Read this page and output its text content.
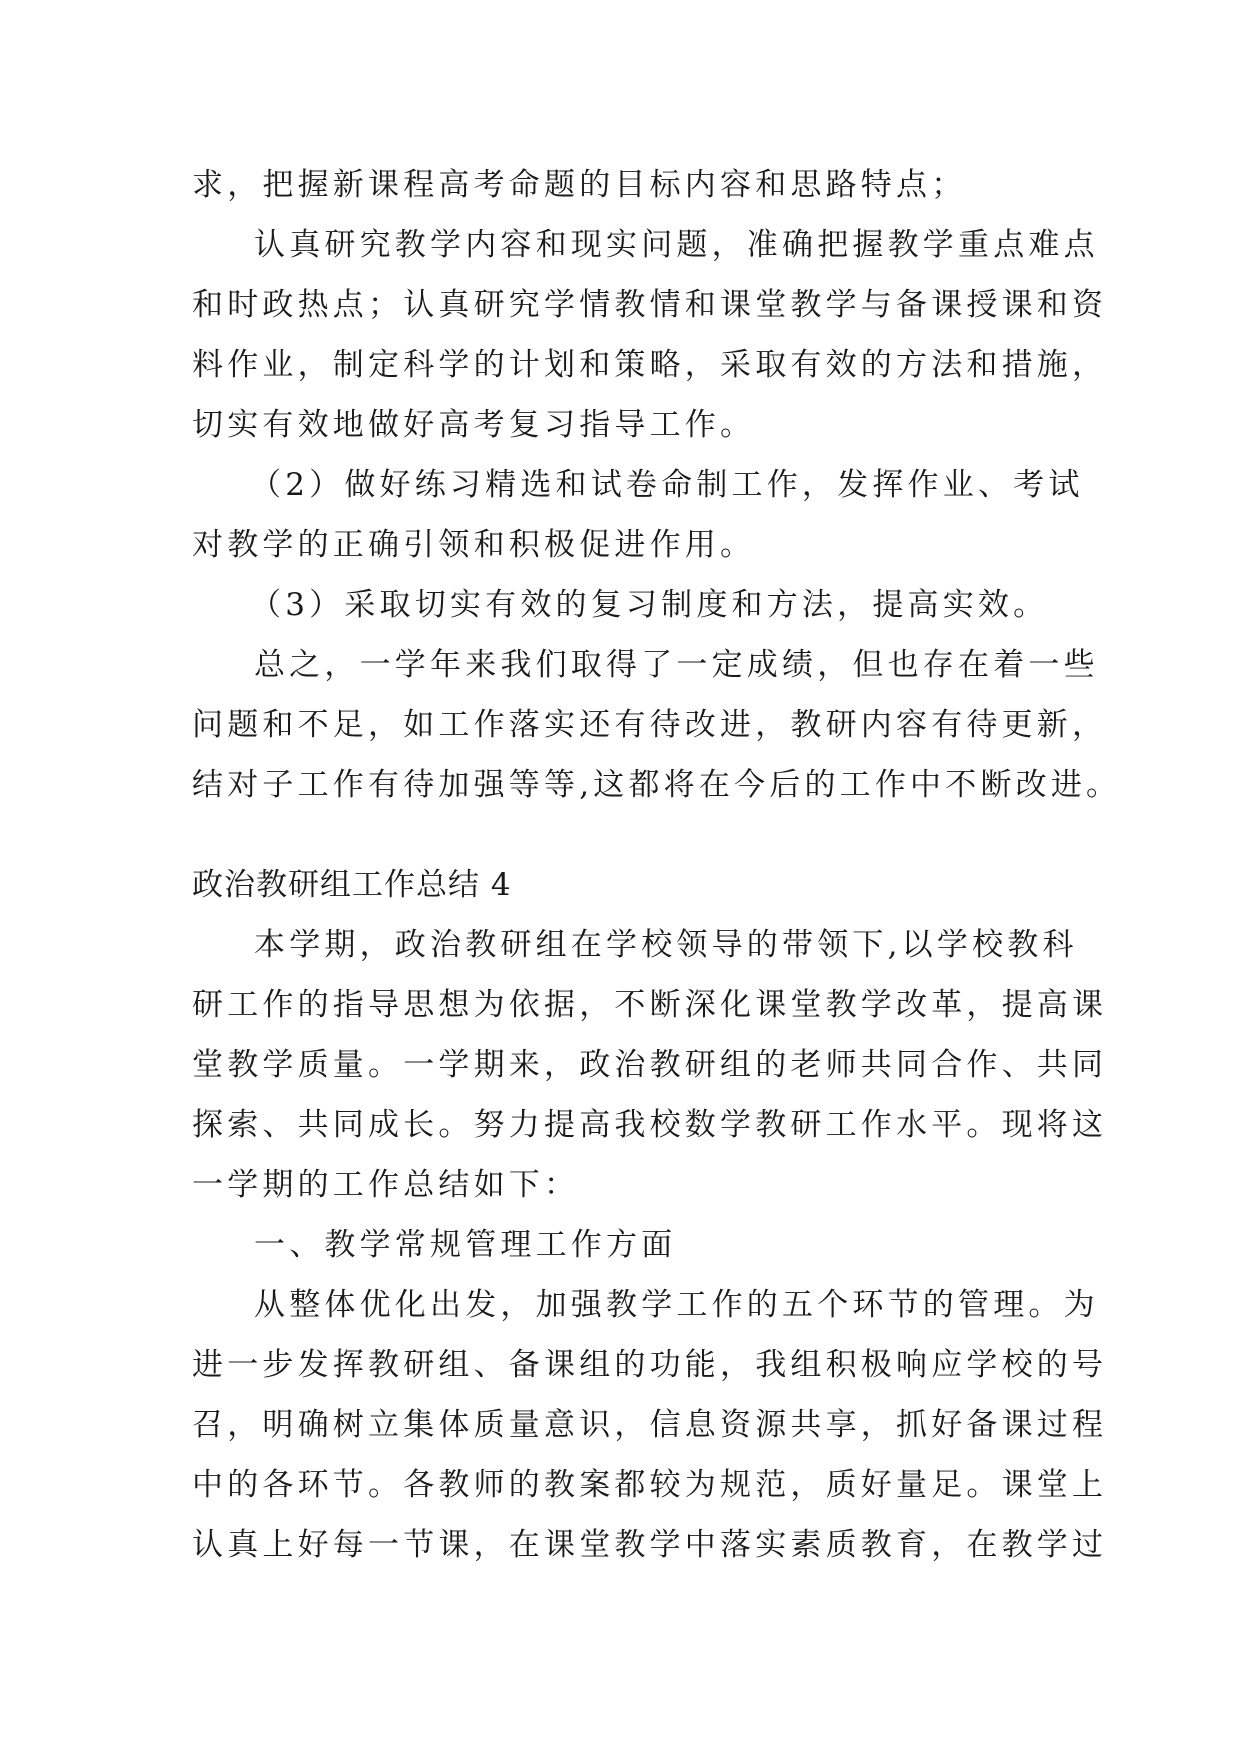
求，把握新课程高考命题的目标内容和思路特点；
认真研究教学内容和现实问题，准确把握教学重点难点
和时政热点；认真研究学情教情和课堂教学与备课授课和资
料作业，制定科学的计划和策略，采取有效的方法和措施，
切实有效地做好高考复习指导工作。
（2）做好练习精选和试卷命制工作，发挥作业、考试
对教学的正确引领和积极促进作用。
（3）采取切实有效的复习制度和方法，提高实效。
总之，一学年来我们取得了一定成绩，但也存在着一些
问题和不足，如工作落实还有待改进，教研内容有待更新，
结对子工作有待加强等等,这都将在今后的工作中不断改进。
政治教研组工作总结 4
本学期，政治教研组在学校领导的带领下,以学校教科
研工作的指导思想为依据，不断深化课堂教学改革，提高课
堂教学质量。一学期来，政治教研组的老师共同合作、共同
探索、共同成长。努力提高我校数学教研工作水平。现将这
一学期的工作总结如下：
一、教学常规管理工作方面
从整体优化出发，加强教学工作的五个环节的管理。为
进一步发挥教研组、备课组的功能，我组积极响应学校的号
召，明确树立集体质量意识，信息资源共享，抓好备课过程
中的各环节。各教师的教案都较为规范，质好量足。课堂上
认真上好每一节课，在课堂教学中落实素质教育，在教学过
